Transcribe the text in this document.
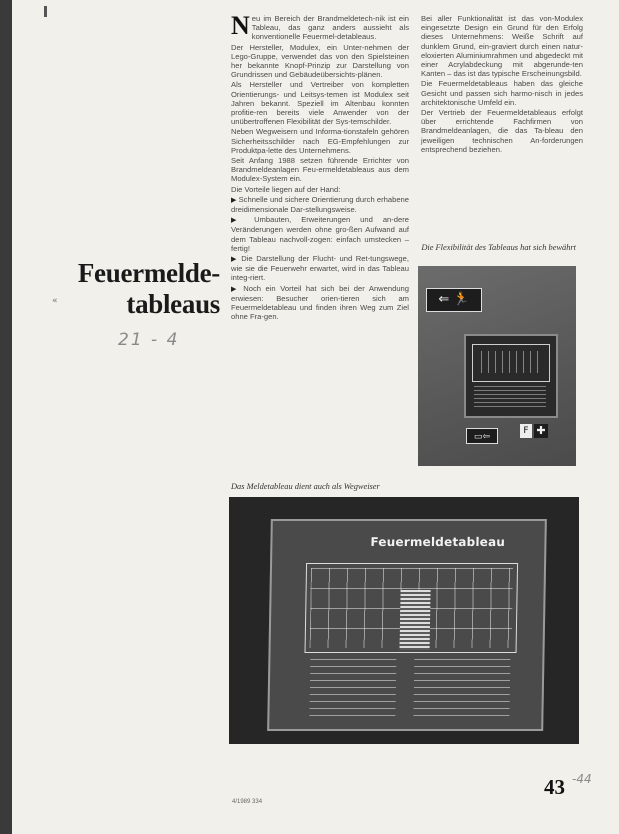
Feuermelde-
tableaus
21 - 4
«

Neu im Bereich der Brandmeldetech-nik ist ein Tableau, das ganz anders aussieht als konventionelle Feuermel-detableaus.

Der Hersteller, Modulex, ein Unter-nehmen der Lego-Gruppe, verwendet das von den Spielsteinen her bekannte Knopf-Prinzip zur Darstellung von Grundrissen und Gebäudeübersichts-plänen.

Als Hersteller und Vertreiber von kompletten Orientierungs- und Leitsys-temen ist Modulex seit Jahren bekannt. Speziell im Altenbau konnten profitie-ren bereits viele Anwender von der unübertroffenen Flexibilität der Sys-temschilder.

Neben Wegweisern und Informa-tionstafeln gehören Sicherheitsschilder nach EG-Empfehlungen zur Produktpa-lette des Unternehmens.

Seit Anfang 1988 setzen führende Errichter von Brandmeldeanlagen Feu-ermeldetableaus aus dem Modulex-System ein.

Die Vorteile liegen auf der Hand:

▶ Schnelle und sichere Orientierung durch erhabene dreidimensionale Dar-stellungsweise.

▶ Umbauten, Erweiterungen und an-dere Veränderungen werden ohne gro-ßen Aufwand auf dem Tableau nachvoll-zogen: einfach umstecken – fertig!

▶ Die Darstellung der Flucht- und Ret-tungswege, wie sie die Feuerwehr erwartet, wird in das Tableau integ-riert.

▶ Noch ein Vorteil hat sich bei der Anwendung erwiesen: Besucher orien-tieren sich am Feuermeldetableau und finden ihren Weg zum Ziel ohne Fra-gen.

Bei aller Funktionalität ist das von-Modulex eingesetzte Design ein Grund für den Erfolg dieses Unternehmens: Weiße Schrift auf dunklem Grund, ein-graviert durch einen natur-eloxierten Aluminiumrahmen und abgedeckt mit einer Acrylabdeckung mit abgerunde-ten Kanten – das ist das typische Erscheinungsbild.

Die Feuermeldetableaus haben das gleiche Gesicht und passen sich harmo-nisch in jedes architektonische Umfeld ein.

Der Vertrieb der Feuermeldetableaus erfolgt über errichtende Fachfirmen von Brandmeldeanlagen, die das Ta-bleau den jeweiligen technischen An-forderungen entsprechend beziehen.

Die Flexibilität des Tableaus hat sich bewährt
⇐ 🏃
▭⇦	F ✚
Das Meldetableau dient auch als Wegweiser
Feuermeldetableau
4/1989 334
43 -44
